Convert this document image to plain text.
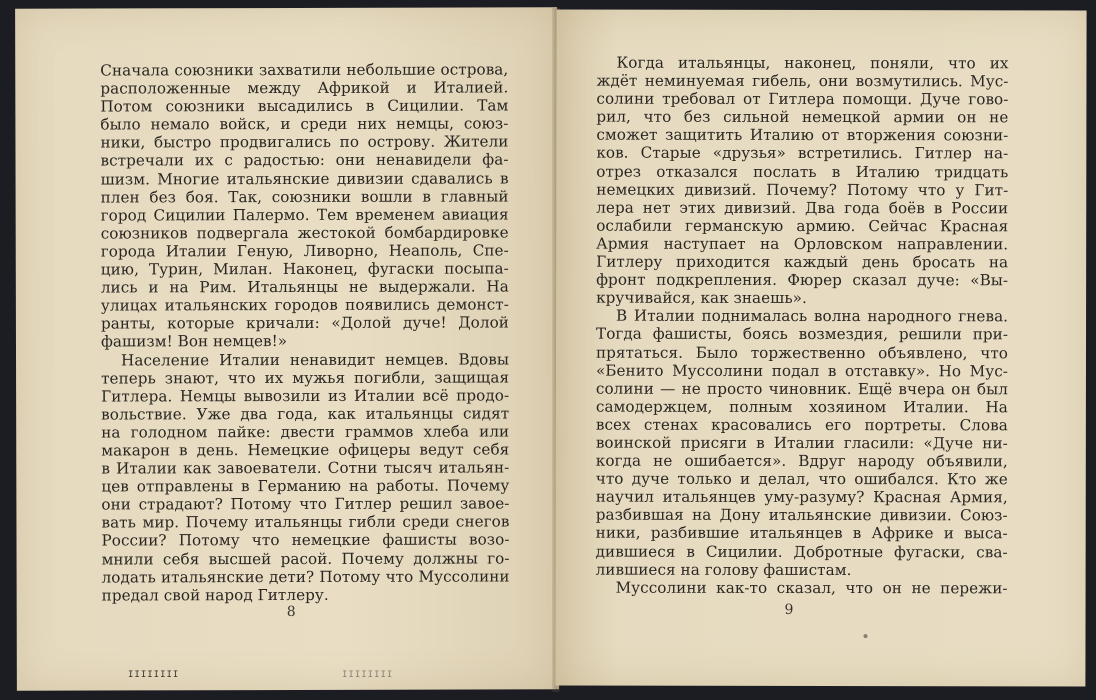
Сначала союзники захватили небольшие острова,
расположенные между Африкой и Италией.
Потом союзники высадились в Сицилии. Там
было немало войск, и среди них немцы, союз-
ники, быстро продвигались по острову. Жители
встречали их с радостью: они ненавидели фа-
шизм. Многие итальянские дивизии сдавались в
плен без боя. Так, союзники вошли в главный
город Сицилии Палермо. Тем временем авиация
союзников подвергала жестокой бомбардировке
города Италии Геную, Ливорно, Неаполь, Спе-
цию, Турин, Милан. Наконец, фугаски посыпа-
лись и на Рим. Итальянцы не выдержали. На
улицах итальянских городов появились демонст-
ранты, которые кричали: «Долой дуче! Долой
фашизм! Вон немцев!»
Население Италии ненавидит немцев. Вдовы
теперь знают, что их мужья погибли, защищая
Гитлера. Немцы вывозили из Италии всё продо-
вольствие. Уже два года, как итальянцы сидят
на голодном пайке: двести граммов хлеба или
макарон в день. Немецкие офицеры ведут себя
в Италии как завоеватели. Сотни тысяч итальян-
цев отправлены в Германию на работы. Почему
они страдают? Потому что Гитлер решил завое-
вать мир. Почему итальянцы гибли среди снегов
России? Потому что немецкие фашисты возо-
мнили себя высшей расой. Почему должны го-
лодать итальянские дети? Потому что Муссолини
предал свой народ Гитлеру.
8
Когда итальянцы, наконец, поняли, что их
ждёт неминуемая гибель, они возмутились. Мус-
солини требовал от Гитлера помощи. Дуче гово-
рил, что без сильной немецкой армии он не
сможет защитить Италию от вторжения союзни-
ков. Старые «друзья» встретились. Гитлер на-
отрез отказался послать в Италию тридцать
немецких дивизий. Почему? Потому что у Гит-
лера нет этих дивизий. Два года боёв в России
ослабили германскую армию. Сейчас Красная
Армия наступает на Орловском направлении.
Гитлеру приходится каждый день бросать на
фронт подкрепления. Фюрер сказал дуче: «Вы-
кручивайся, как знаешь».
В Италии поднималась волна народного гнева.
Тогда фашисты, боясь возмездия, решили при-
прятаться. Было торжественно объявлено, что
«Бенито Муссолини подал в отставку». Но Мус-
солини — не просто чиновник. Ещё вчера он был
самодержцем, полным хозяином Италии. На
всех стенах красовались его портреты. Слова
воинской присяги в Италии гласили: «Дуче ни-
когда не ошибается». Вдруг народу объявили,
что дуче только и делал, что ошибался. Кто же
научил итальянцев уму-разуму? Красная Армия,
разбившая на Дону итальянские дивизии. Союз-
ники, разбившие итальянцев в Африке и выса-
дившиеся в Сицилии. Добротные фугаски, сва-
лившиеся на голову фашистам.
Муссолини как-то сказал, что он не пережи-
9
IIIIIIII	IIIIIIII
